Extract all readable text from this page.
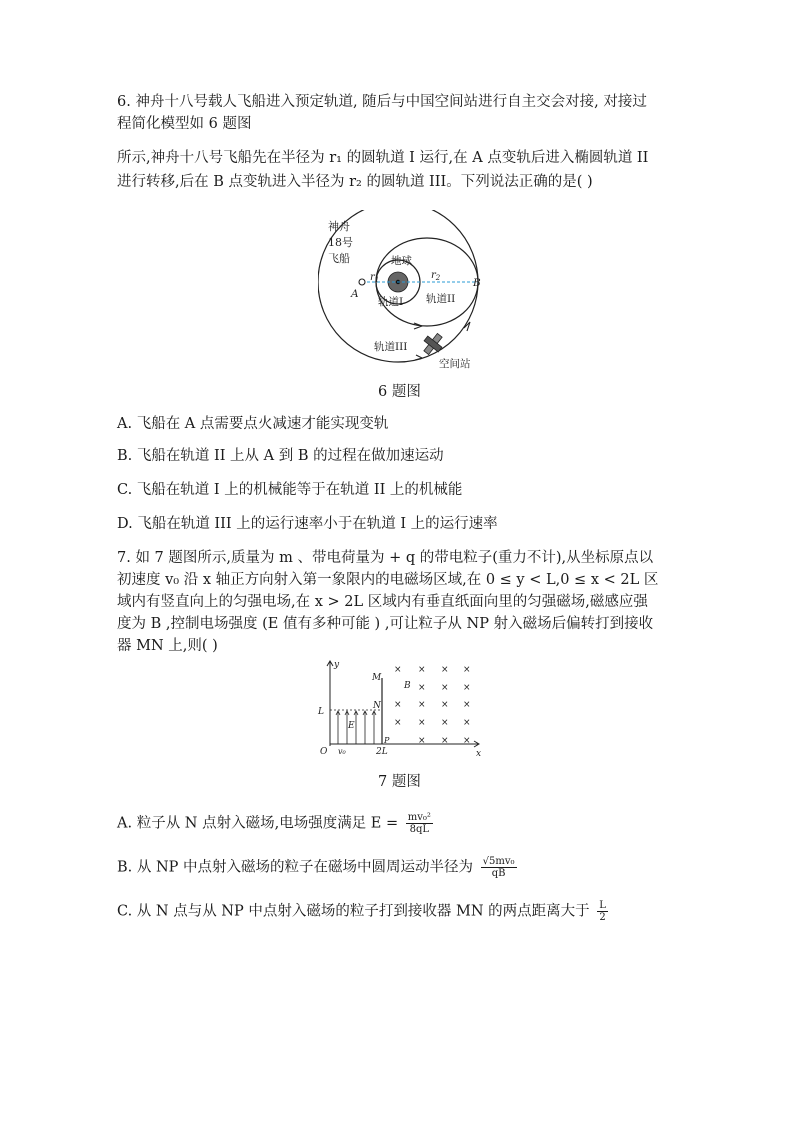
6. 神舟十八号载人飞船进入预定轨道, 随后与中国空间站进行自主交会对接, 对接过
程简化模型如 6 题图
所示,神舟十八号飞船先在半径为 r₁ 的圆轨道 I 运行,在 A 点变轨后进入椭圆轨道 II
进行转移,后在 B 点变轨进入半径为 r₂ 的圆轨道 III。下列说法正确的是( )
神舟
18号
飞船	地球
$r_1$	$r_2$
A
B
轨道I 轨道II
轨道III
空间站
6 题图
A. 飞船在 A 点需要点火减速才能实现变轨
B. 飞船在轨道 II 上从 A 到 B 的过程在做加速运动
C. 飞船在轨道 I 上的机械能等于在轨道 II 上的机械能
D. 飞船在轨道 III 上的运行速率小于在轨道 I 上的运行速率
7. 如 7 题图所示,质量为 m 、带电荷量为 + q 的带电粒子(重力不计),从坐标原点以
初速度 v₀ 沿 x 轴正方向射入第一象限内的电磁场区域,在 0 ≤ y < L,0 ≤ x < 2L 区
域内有竖直向上的匀强电场,在 x > 2L 区域内有垂直纸面向里的匀强磁场,磁感应强
度为 B ,控制电场强度 (E 值有多种可能 ) ,可让粒子从 NP 射入磁场后偏转打到接收
器 MN 上,则( )
× × × ×
× × ×
× × × ×
× × × ×
× × ×
y
x
O
L
2L
v₀
E
M
N
P
B
7 题图
A. 粒子从 N 点射入磁场,电场强度满足 $E = \frac{\text{mv₀²}}{8qL}$
B. 从 NP 中点射入磁场的粒子在磁场中圆周运动半径为 $\frac{\text{√5mv₀}}{qB}$
C. 从 N 点与从 NP 中点射入磁场的粒子打到接收器 MN 的两点距离大于 $\frac{L}{2}$
